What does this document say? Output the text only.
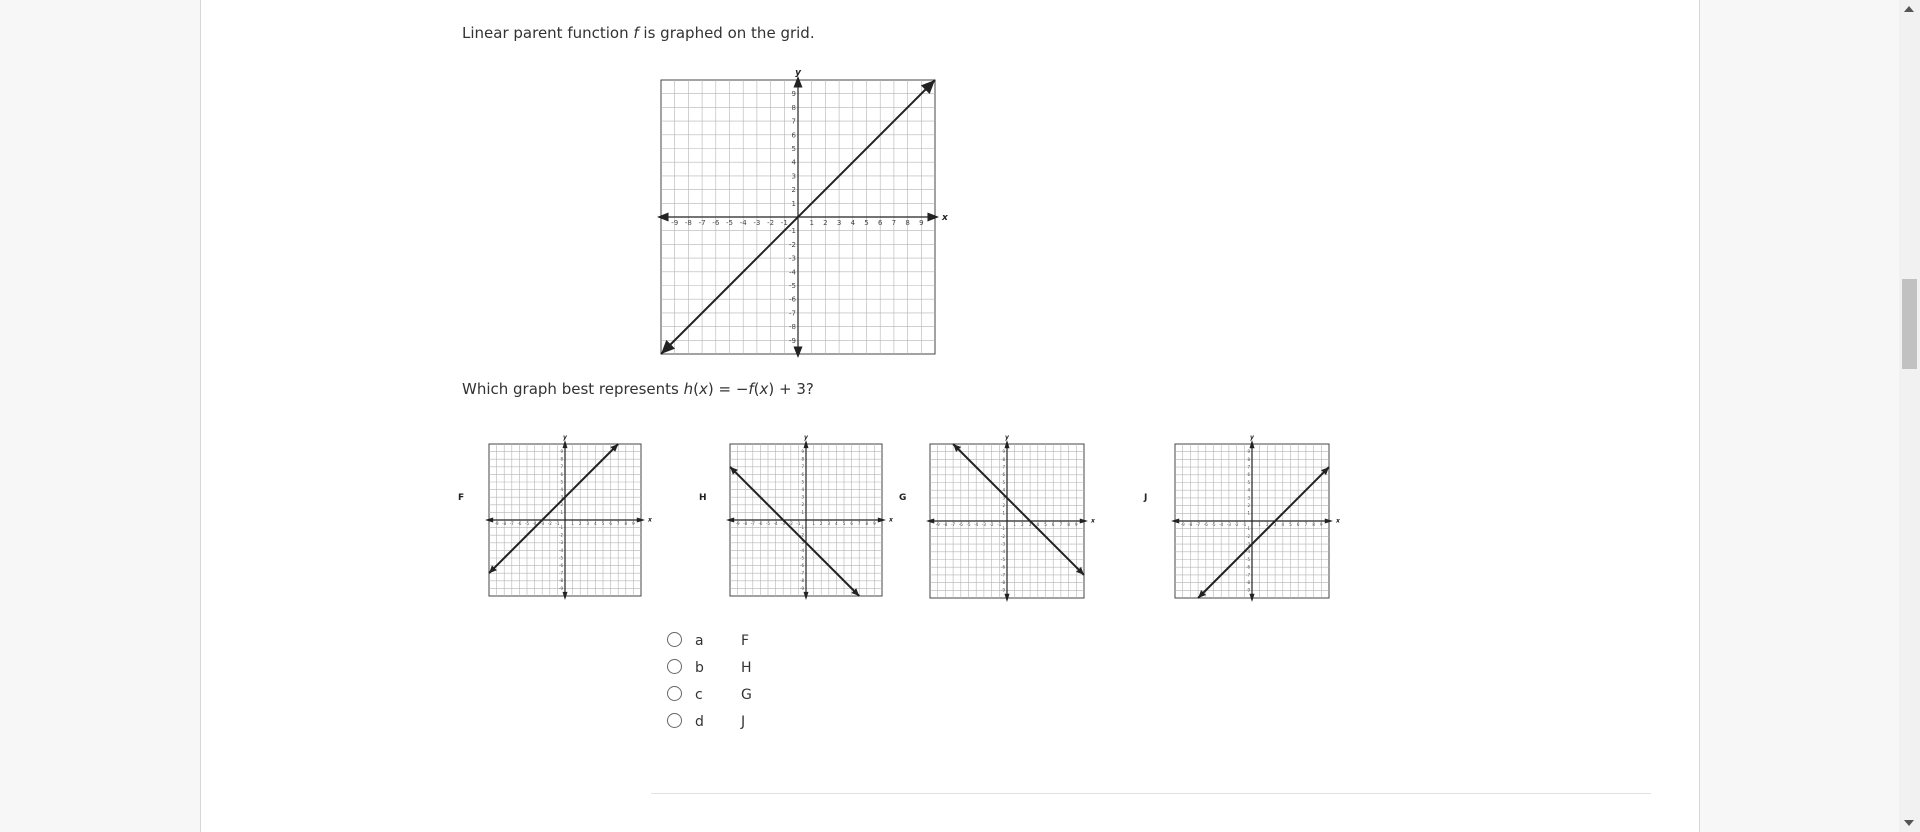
Linear parent function f is graphed on the grid.
x
y
-9
-9
-8
-8
-7
-7
-6
-6
-5
-5
-4
-4
-3
-3
-2
-2
-1
-1
1
1
2
2
3
3
4
4
5
5
6
6
7
7
8
8
9
9
Which graph best represents h(x) = −f(x) + 3?
F
x
y
-9
-9
-8
-8
-7
-7
-6
-6
-5
-5
-4
-4
-3
-3
-2
-2
-1
-1
1
1
2
2
3
3
4
4
5
5
6
6
7
7
8
8
9
9
H
x
y
-9
-9
-8
-8
-7
-7
-6
-6
-5
-5
-4
-4
-3
-3
-2
-2
-1
-1
1
1
2
2
3
3
4
4
5
5
6
6
7
7
8
8
9
9
G
x
y
-9
-9
-8
-8
-7
-7
-6
-6
-5
-5
-4
-4
-3
-3
-2
-2
-1
-1
1
1
2
2
3
3
4
4
5
5
6
6
7
7
8
8
9
9
J
x
y
-9
-9
-8
-8
-7
-7
-6
-6
-5
-5
-4
-4
-3
-3
-2
-2
-1
-1
1
1
2
2
3
3
4
4
5
5
6
6
7
7
8
8
9
9
a	F
b	H
c	G
d	J
